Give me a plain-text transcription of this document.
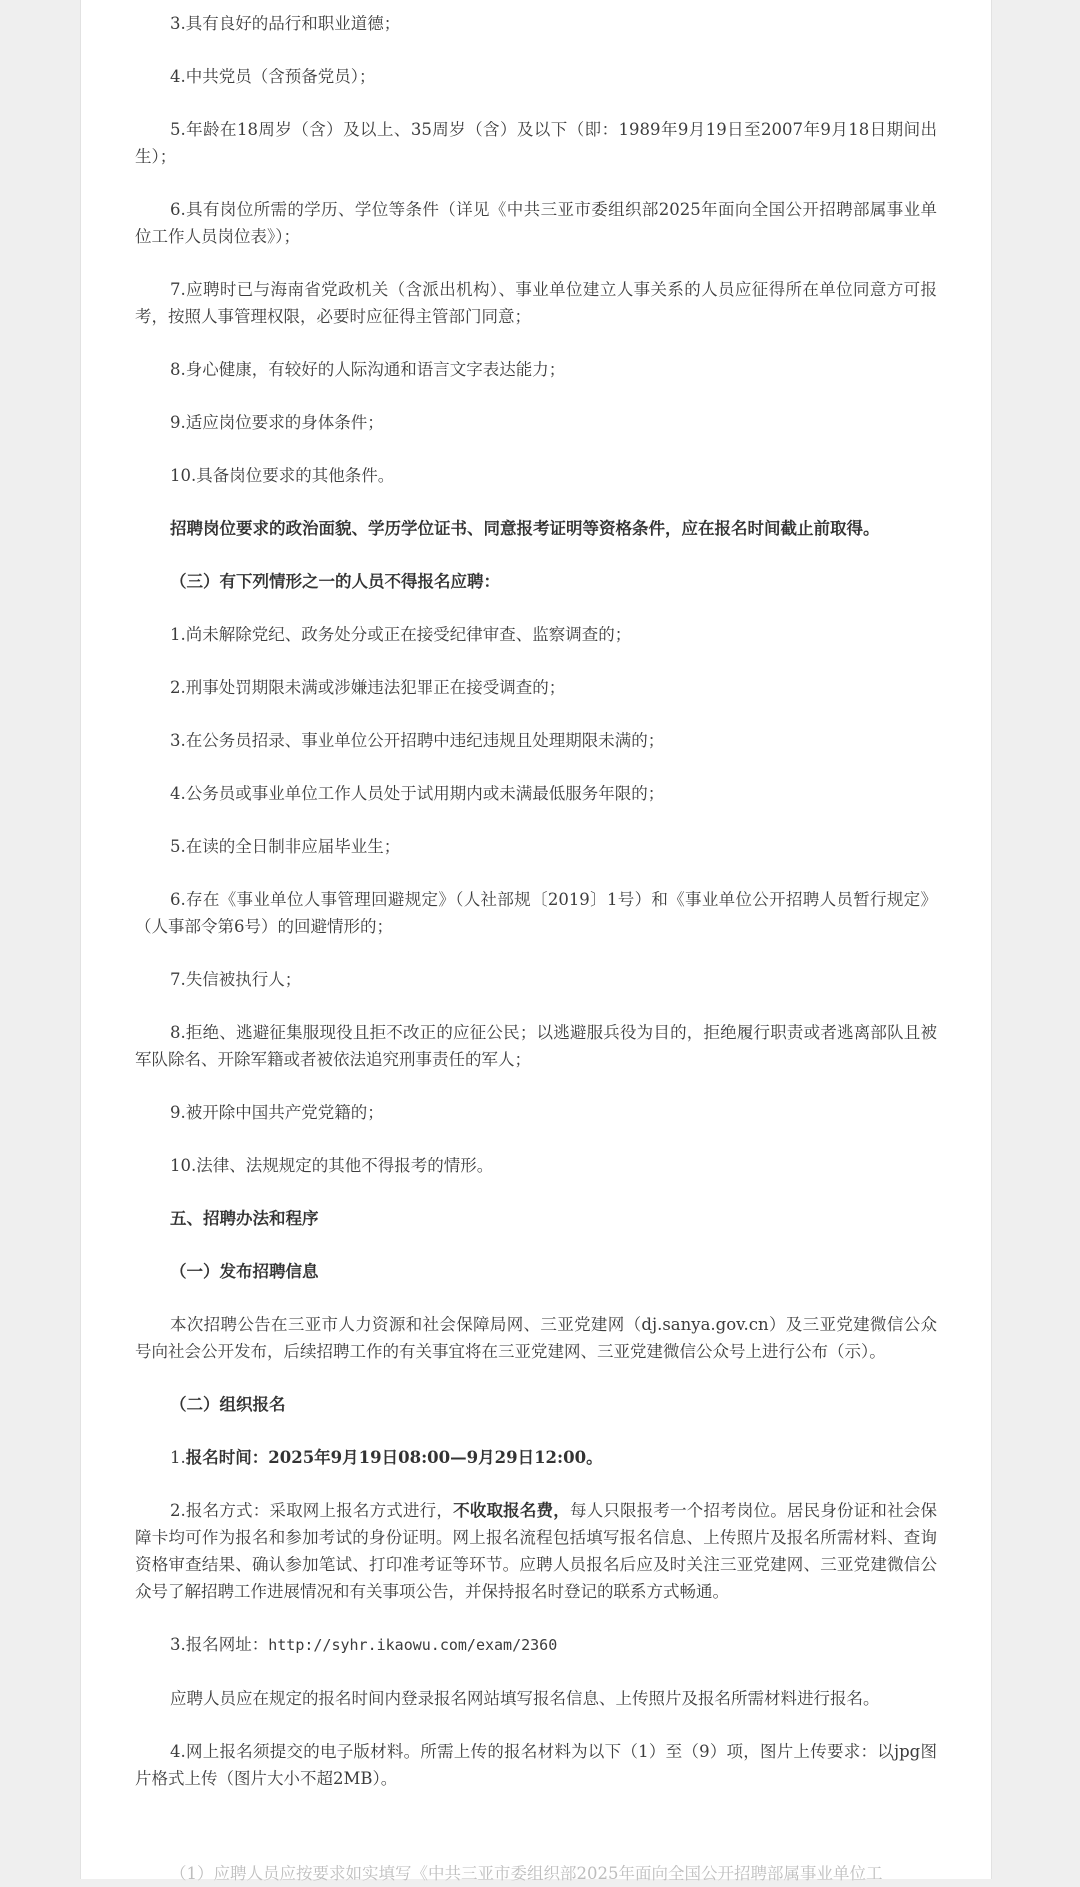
3.具有良好的品行和职业道德；

4.中共党员（含预备党员）；

5.年龄在18周岁（含）及以上、35周岁（含）及以下（即：1989年9月19日至2007年9月18日期间出生）；

6.具有岗位所需的学历、学位等条件（详见《中共三亚市委组织部2025年面向全国公开招聘部属事业单位工作人员岗位表》）；

7.应聘时已与海南省党政机关（含派出机构）、事业单位建立人事关系的人员应征得所在单位同意方可报考，按照人事管理权限，必要时应征得主管部门同意；

8.身心健康，有较好的人际沟通和语言文字表达能力；

9.适应岗位要求的身体条件；

10.具备岗位要求的其他条件。

招聘岗位要求的政治面貌、学历学位证书、同意报考证明等资格条件，应在报名时间截止前取得。

（三）有下列情形之一的人员不得报名应聘：

1.尚未解除党纪、政务处分或正在接受纪律审查、监察调查的；

2.刑事处罚期限未满或涉嫌违法犯罪正在接受调查的；

3.在公务员招录、事业单位公开招聘中违纪违规且处理期限未满的；

4.公务员或事业单位工作人员处于试用期内或未满最低服务年限的；

5.在读的全日制非应届毕业生；

6.存在《事业单位人事管理回避规定》（人社部规〔2019〕1号）和《事业单位公开招聘人员暂行规定》（人事部令第6号）的回避情形的；

7.失信被执行人；

8.拒绝、逃避征集服现役且拒不改正的应征公民；以逃避服兵役为目的，拒绝履行职责或者逃离部队且被军队除名、开除军籍或者被依法追究刑事责任的军人；

9.被开除中国共产党党籍的；

10.法律、法规规定的其他不得报考的情形。

五、招聘办法和程序

（一）发布招聘信息

本次招聘公告在三亚市人力资源和社会保障局网、三亚党建网（dj.sanya.gov.cn）及三亚党建微信公众号向社会公开发布，后续招聘工作的有关事宜将在三亚党建网、三亚党建微信公众号上进行公布（示）。

（二）组织报名

1.报名时间：2025年9月19日08:00—9月29日12:00。

2.报名方式：采取网上报名方式进行，不收取报名费，每人只限报考一个招考岗位。居民身份证和社会保障卡均可作为报名和参加考试的身份证明。网上报名流程包括填写报名信息、上传照片及报名所需材料、查询资格审查结果、确认参加笔试、打印准考证等环节。应聘人员报名后应及时关注三亚党建网、三亚党建微信公众号了解招聘工作进展情况和有关事项公告，并保持报名时登记的联系方式畅通。

3.报名网址：http://syhr.ikaowu.com/exam/2360

应聘人员应在规定的报名时间内登录报名网站填写报名信息、上传照片及报名所需材料进行报名。

4.网上报名须提交的电子版材料。所需上传的报名材料为以下（1）至（9）项，图片上传要求：以jpg图片格式上传（图片大小不超2MB）。

（1）应聘人员应按要求如实填写《中共三亚市委组织部2025年面向全国公开招聘部属事业单位工
